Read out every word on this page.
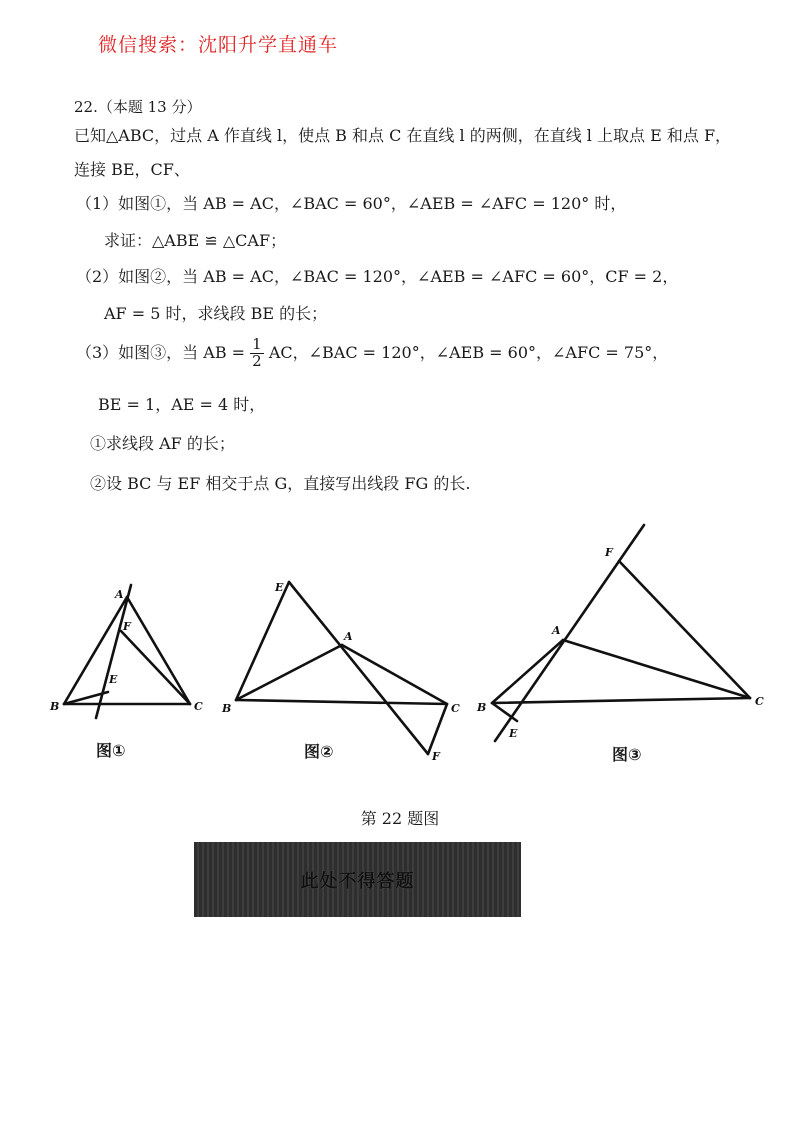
微信搜索：沈阳升学直通车
22.（本题 13 分）
已知△ABC，过点 A 作直线 l，使点 B 和点 C 在直线 l 的两侧，在直线 l 上取点 E 和点 F，
连接 BE，CF、
（1）如图①，当 AB = AC，∠BAC = 60°，∠AEB = ∠AFC = 120° 时，
求证：△ABE ≌ △CAF；
（2）如图②，当 AB = AC，∠BAC = 120°，∠AEB = ∠AFC = 60°，CF = 2，
AF = 5 时，求线段 BE 的长；
（3）如图③，当 AB = $\frac{1}{2}$ AC，∠BAC = 120°，∠AEB = 60°，∠AFC = 75°，
BE = 1，AE = 4 时，
①求线段 AF 的长；
②设 BC 与 EF 相交于点 G，直接写出线段 FG 的长.
A
F
E
B	C
图①
E
A
B	C
F
图②
F
A
B	C
E
图③
第 22 题图
此处不得答题
